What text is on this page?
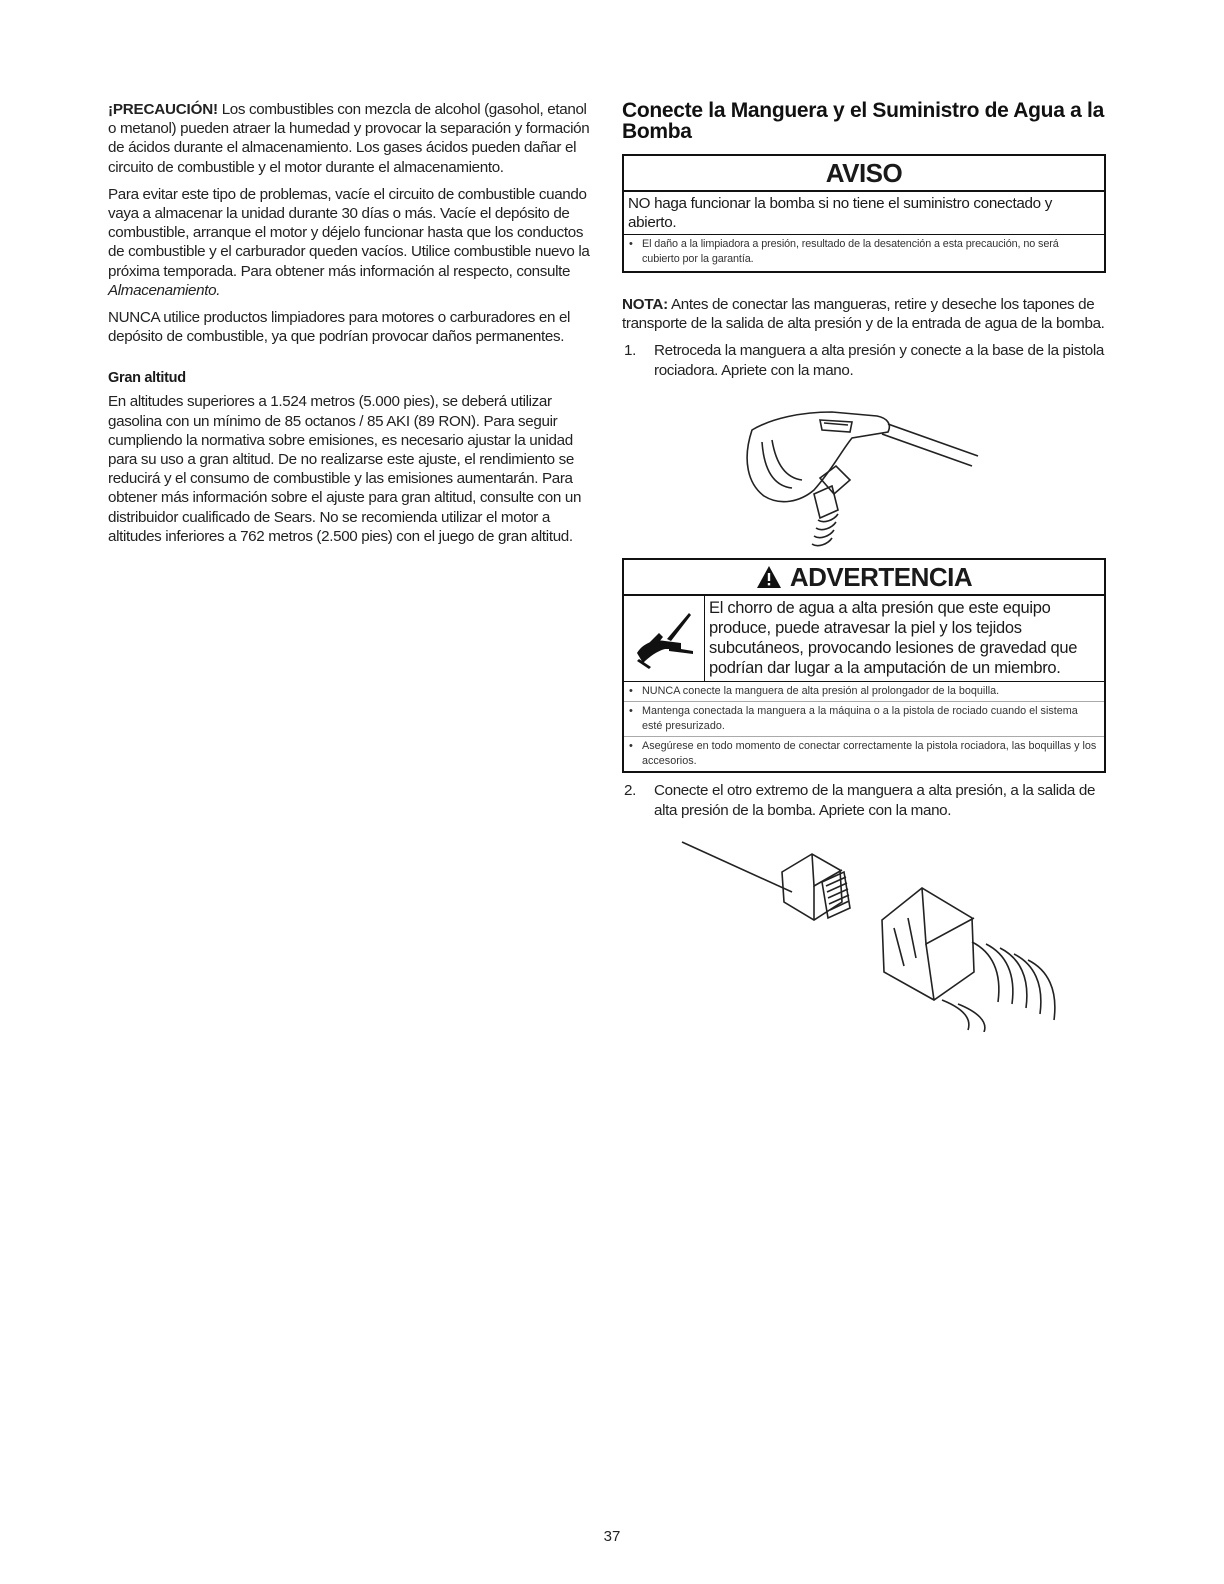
¡PRECAUCIÓN! Los combustibles con mezcla de alcohol (gasohol, etanol o metanol) pueden atraer la humedad y provocar la separación y formación de ácidos durante el almacenamiento. Los gases ácidos pueden dañar el circuito de combustible y el motor durante el almacenamiento.

Para evitar este tipo de problemas, vacíe el circuito de combustible cuando vaya a almacenar la unidad durante 30 días o más. Vacíe el depósito de combustible, arranque el motor y déjelo funcionar hasta que los conductos de combustible y el carburador queden vacíos. Utilice combustible nuevo la próxima temporada. Para obtener más información al respecto, consulte Almacenamiento.

NUNCA utilice productos limpiadores para motores o carburadores en el depósito de combustible, ya que podrían provocar daños permanentes.

Gran altitud

En altitudes superiores a 1.524 metros (5.000 pies), se deberá utilizar gasolina con un mínimo de 85 octanos / 85 AKI (89 RON). Para seguir cumpliendo la normativa sobre emisiones, es necesario ajustar la unidad para su uso a gran altitud. De no realizarse este ajuste, el rendimiento se reducirá y el consumo de combustible y las emisiones aumentarán. Para obtener más información sobre el ajuste para gran altitud, consulte con un distribuidor cualificado de Sears. No se recomienda utilizar el motor a altitudes inferiores a 762 metros (2.500 pies) con el juego de gran altitud.

Conecte la Manguera y el Suministro de Agua a la Bomba
AVISO
NO haga funcionar la bomba si no tiene el suministro conectado y abierto.
• El daño a la limpiadora a presión, resultado de la desatención a esta precaución, no será cubierto por la garantía.

NOTA: Antes de conectar las mangueras, retire y deseche los tapones de transporte de la salida de alta presión y de la entrada de agua de la bomba.

1. Retroceda la manguera a alta presión y conecte a la base de la pistola rociadora. Apriete con la mano.
ADVERTENCIA
El chorro de agua a alta presión que este equipo produce, puede atravesar la piel y los tejidos subcutáneos, provocando lesiones de gravedad que podrían dar lugar a la amputación de un miembro.
• NUNCA conecte la manguera de alta presión al prolongador de la boquilla.
• Mantenga conectada la manguera a la máquina o a la pistola de rociado cuando el sistema esté presurizado.
• Asegúrese en todo momento de conectar correctamente la pistola rociadora, las boquillas y los accesorios.
2. Conecte el otro extremo de la manguera a alta presión, a la salida de alta presión de la bomba. Apriete con la mano.
37
